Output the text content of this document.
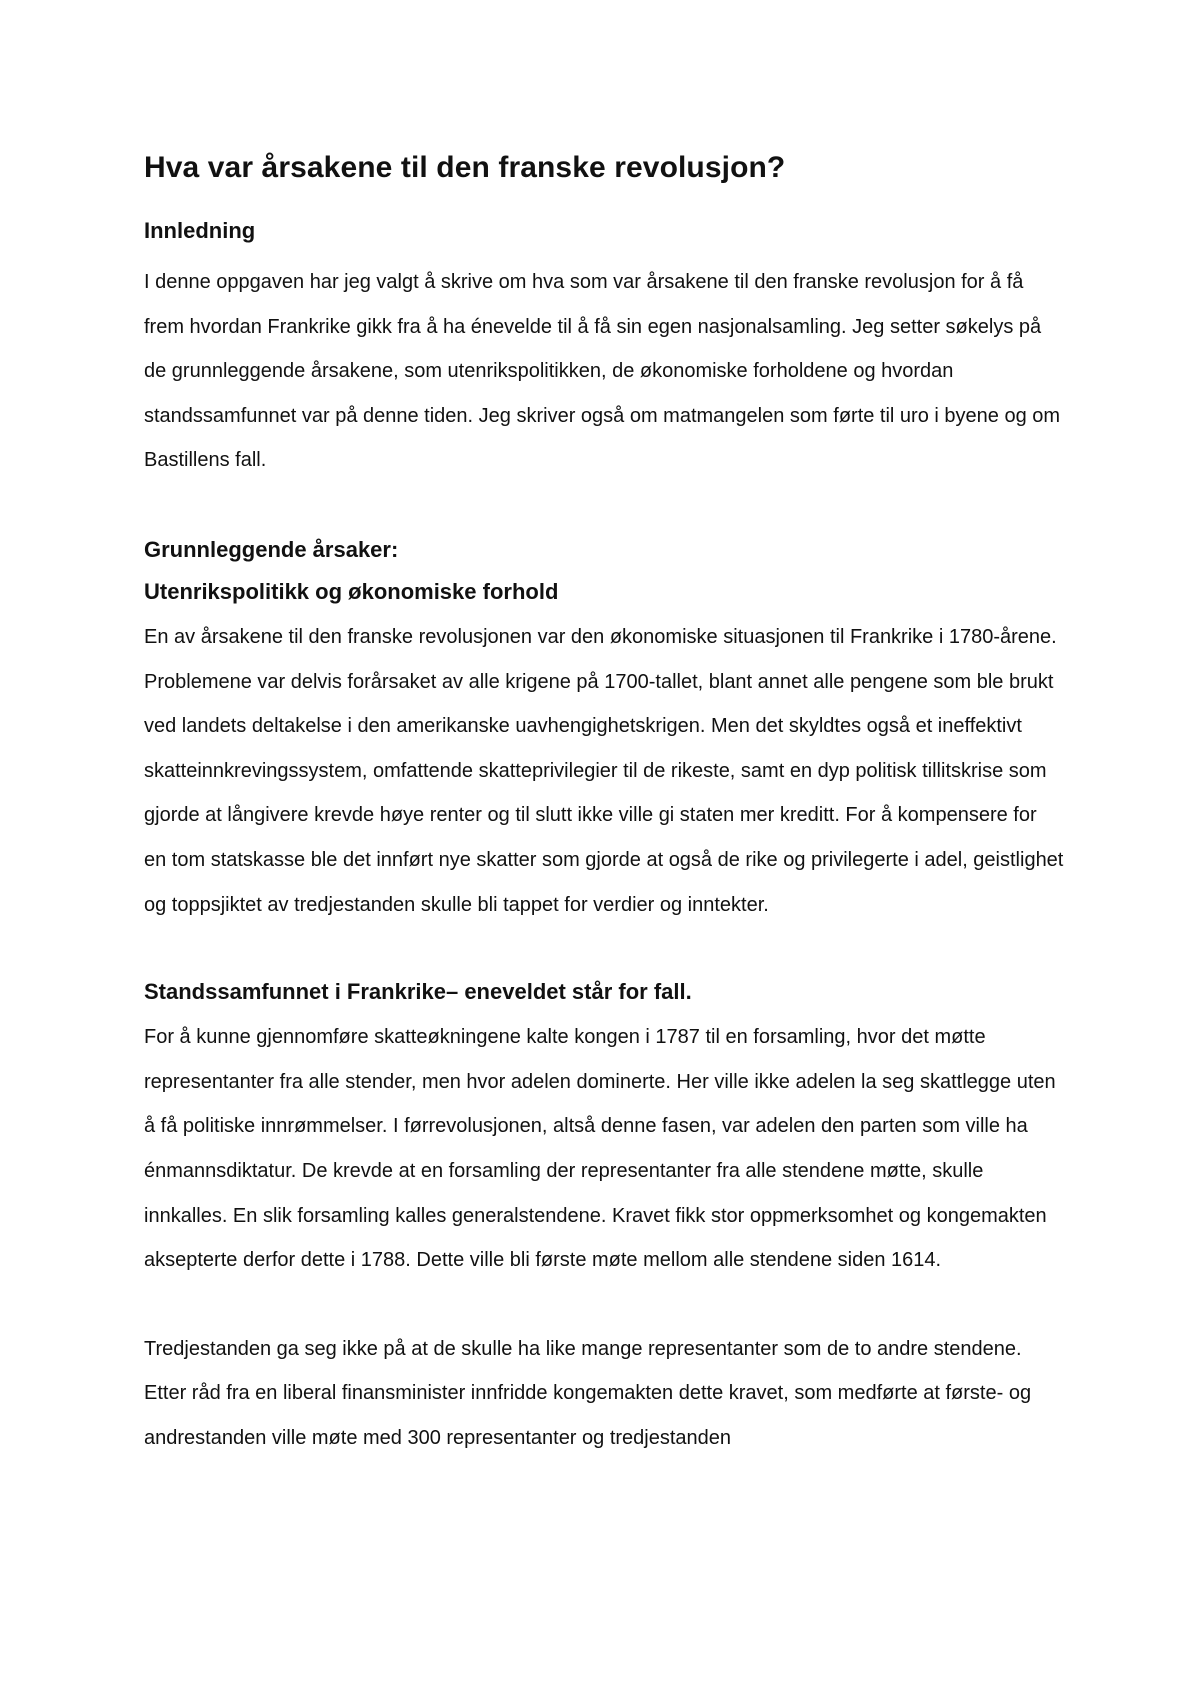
Hva var årsakene til den franske revolusjon?
Innledning

I denne oppgaven har jeg valgt å skrive om hva som var årsakene til den franske revolusjon for å få frem hvordan Frankrike gikk fra å ha énevelde til å få sin egen nasjonalsamling. Jeg setter søkelys på de grunnleggende årsakene, som utenrikspolitikken, de økonomiske forholdene og hvordan standssamfunnet var på denne tiden. Jeg skriver også om matmangelen som førte til uro i byene og om Bastillens fall.

Grunnleggende årsaker:
Utenrikspolitikk og økonomiske forhold

En av årsakene til den franske revolusjonen var den økonomiske situasjonen til Frankrike i 1780-årene. Problemene var delvis forårsaket av alle krigene på 1700-tallet, blant annet alle pengene som ble brukt ved landets deltakelse i den amerikanske uavhengighetskrigen. Men det skyldtes også et ineffektivt skatteinnkrevingssystem, omfattende skatteprivilegier til de rikeste, samt en dyp politisk tillitskrise som gjorde at långivere krevde høye renter og til slutt ikke ville gi staten mer kreditt. For å kompensere for en tom statskasse ble det innført nye skatter som gjorde at også de rike og privilegerte i adel, geistlighet og toppsjiktet av tredjestanden skulle bli tappet for verdier og inntekter.

Standssamfunnet i Frankrike– eneveldet står for fall.

For å kunne gjennomføre skatteøkningene kalte kongen i 1787 til en forsamling, hvor det møtte representanter fra alle stender, men hvor adelen dominerte. Her ville ikke adelen la seg skattlegge uten å få politiske innrømmelser. I førrevolusjonen, altså denne fasen, var adelen den parten som ville ha énmannsdiktatur. De krevde at en forsamling der representanter fra alle stendene møtte, skulle innkalles. En slik forsamling kalles generalstendene. Kravet fikk stor oppmerksomhet og kongemakten aksepterte derfor dette i 1788. Dette ville bli første møte mellom alle stendene siden 1614.

Tredjestanden ga seg ikke på at de skulle ha like mange representanter som de to andre stendene. Etter råd fra en liberal finansminister innfridde kongemakten dette kravet, som medførte at første- og andrestanden ville møte med 300 representanter og tredjestanden
